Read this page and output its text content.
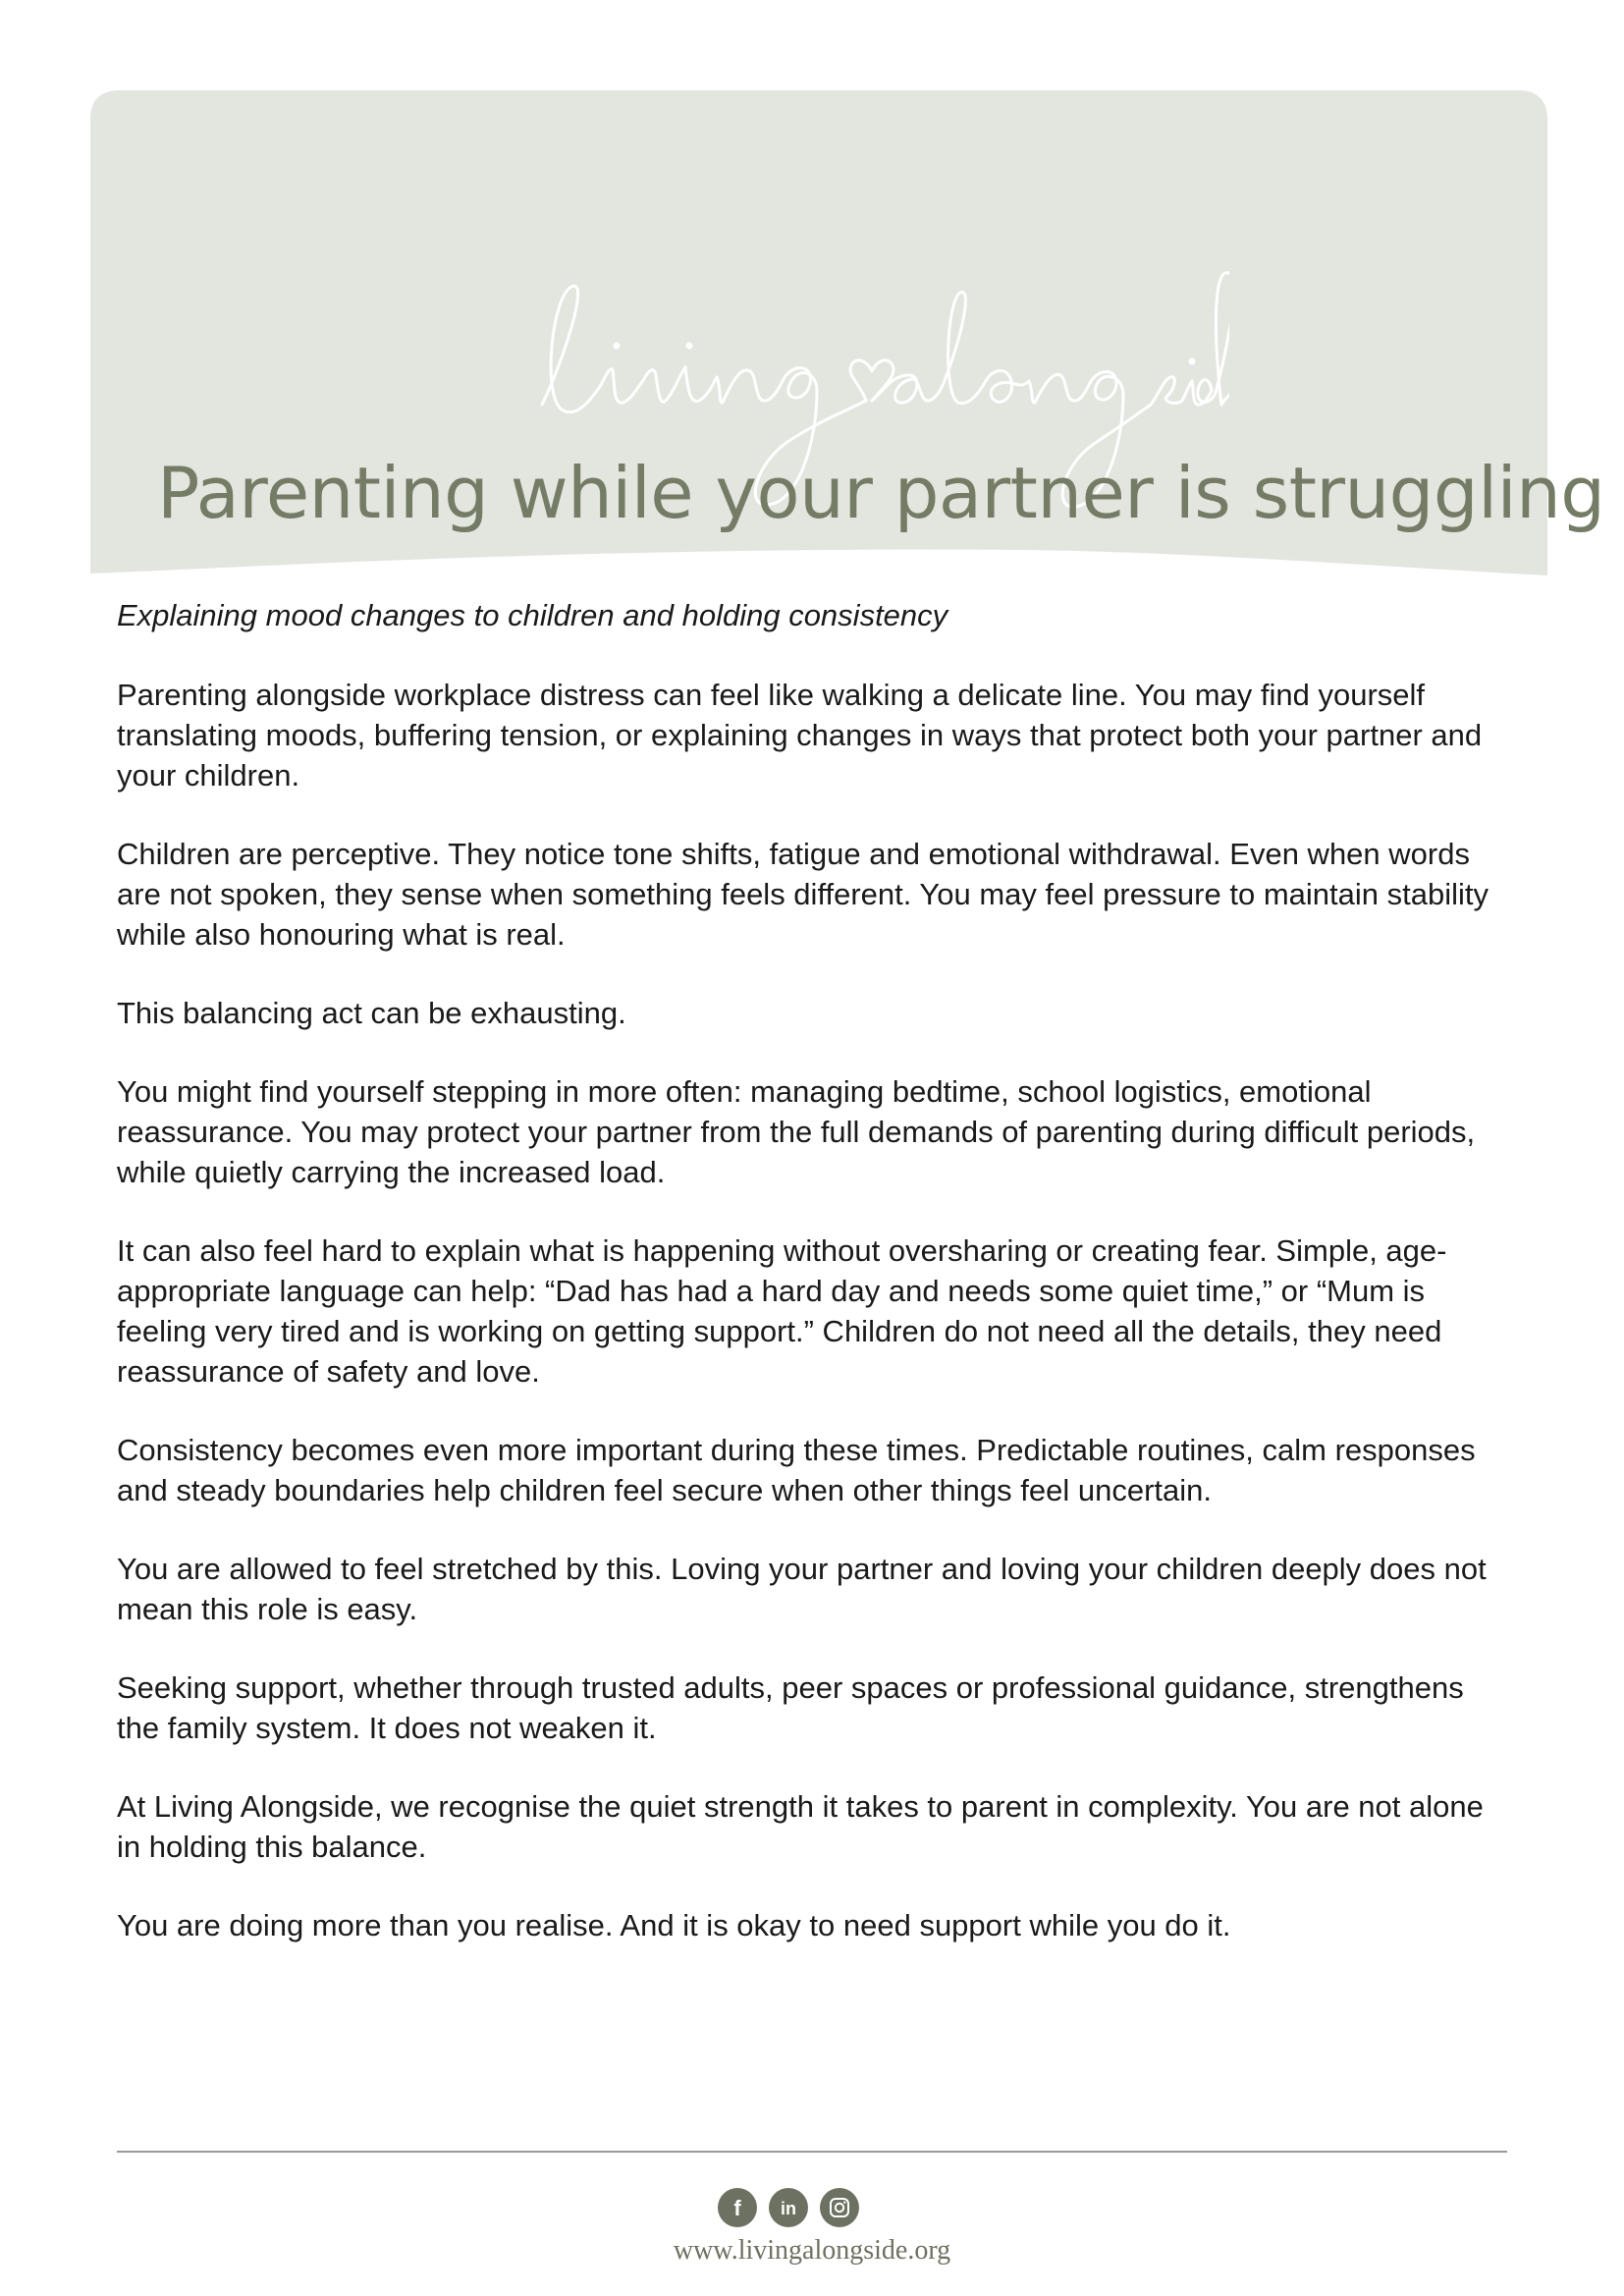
Parenting while your partner is struggling

Explaining mood changes to children and holding consistency

Parenting alongside workplace distress can feel like walking a delicate line. You may find yourself translating moods, buffering tension, or explaining changes in ways that protect both your partner and your children.

Children are perceptive. They notice tone shifts, fatigue and emotional withdrawal. Even when words are not spoken, they sense when something feels different. You may feel pressure to maintain stability while also honouring what is real.

This balancing act can be exhausting.

You might find yourself stepping in more often: managing bedtime, school logistics, emotional reassurance. You may protect your partner from the full demands of parenting during difficult periods, while quietly carrying the increased load.

It can also feel hard to explain what is happening without oversharing or creating fear. Simple, age-appropriate language can help: “Dad has had a hard day and needs some quiet time,” or “Mum is feeling very tired and is working on getting support.” Children do not need all the details, they need reassurance of safety and love.

Consistency becomes even more important during these times. Predictable routines, calm responses and steady boundaries help children feel secure when other things feel uncertain.

You are allowed to feel stretched by this. Loving your partner and loving your children deeply does not mean this role is easy.

Seeking support, whether through trusted adults, peer spaces or professional guidance, strengthens the family system. It does not weaken it.

At Living Alongside, we recognise the quiet strength it takes to parent in complexity. You are not alone in holding this balance.

You are doing more than you realise. And it is okay to need support while you do it.

f in
www.livingalongside.org
